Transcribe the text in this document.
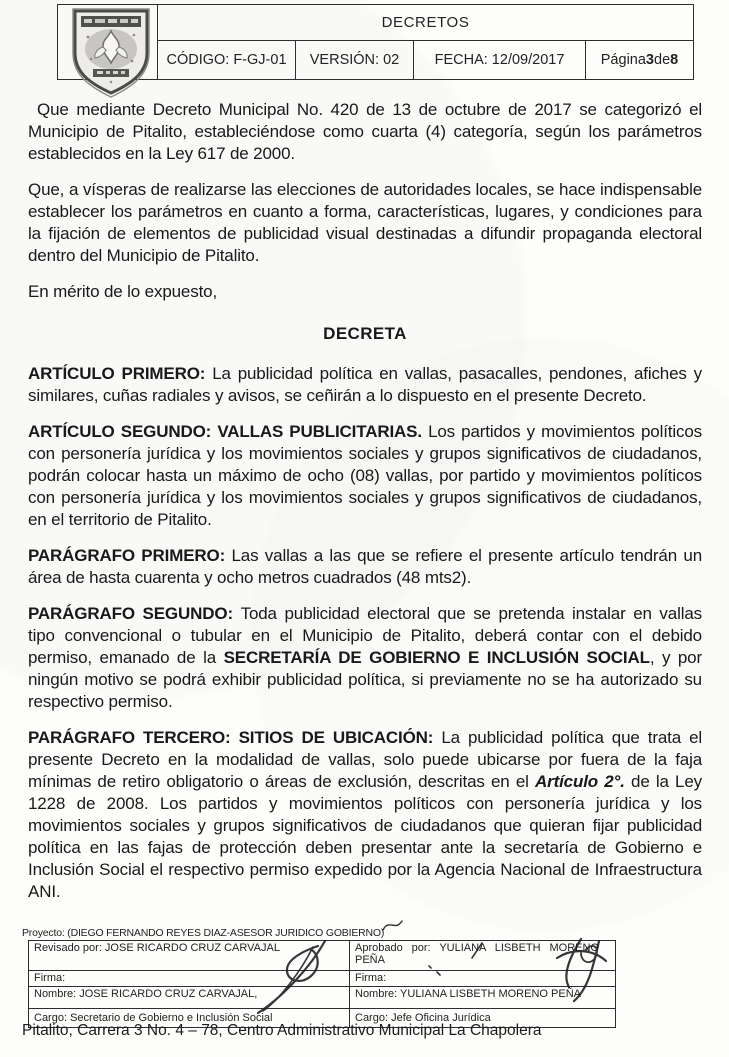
DECRETOS
CÓDIGO: F-GJ-01	VERSIÓN: 02	FECHA: 12/09/2017	Página 3 de 8

Que mediante Decreto Municipal No. 420 de 13 de octubre de 2017 se categorizó el Municipio de Pitalito, estableciéndose como cuarta (4) categoría, según los parámetros establecidos en la Ley 617 de 2000.

Que, a vísperas de realizarse las elecciones de autoridades locales, se hace indispensable establecer los parámetros en cuanto a forma, características, lugares, y condiciones para la fijación de elementos de publicidad visual destinadas a difundir propaganda electoral dentro del Municipio de Pitalito.

En mérito de lo expuesto,

DECRETA

ARTÍCULO PRIMERO: La publicidad política en vallas, pasacalles, pendones, afiches y similares, cuñas radiales y avisos, se ceñirán a lo dispuesto en el presente Decreto.

ARTÍCULO SEGUNDO: VALLAS PUBLICITARIAS. Los partidos y movimientos políticos con personería jurídica y los movimientos sociales y grupos significativos de ciudadanos, podrán colocar hasta un máximo de ocho (08) vallas, por partido y movimientos políticos con personería jurídica y los movimientos sociales y grupos significativos de ciudadanos, en el territorio de Pitalito.

PARÁGRAFO PRIMERO: Las vallas a las que se refiere el presente artículo tendrán un área de hasta cuarenta y ocho metros cuadrados (48 mts2).

PARÁGRAFO SEGUNDO: Toda publicidad electoral que se pretenda instalar en vallas tipo convencional o tubular en el Municipio de Pitalito, deberá contar con el debido permiso, emanado de la SECRETARÍA DE GOBIERNO E INCLUSIÓN SOCIAL, y por ningún motivo se podrá exhibir publicidad política, si previamente no se ha autorizado su respectivo permiso.

PARÁGRAFO TERCERO: SITIOS DE UBICACIÓN: La publicidad política que trata el presente Decreto en la modalidad de vallas, solo puede ubicarse por fuera de la faja mínimas de retiro obligatorio o áreas de exclusión, descritas en el Artículo 2°. de la Ley 1228 de 2008. Los partidos y movimientos políticos con personería jurídica y los movimientos sociales y grupos significativos de ciudadanos que quieran fijar publicidad política en las fajas de protección deben presentar ante la secretaría de Gobierno e Inclusión Social el respectivo permiso expedido por la Agencia Nacional de Infraestructura ANI.

Proyecto: (DIEGO FERNANDO REYES DIAZ-ASESOR JURIDICO GOBIERNO)
Revisado por: JOSE RICARDO CRUZ CARVAJAL	Aprobado por: YULIANA LISBETH MORENO PEÑA
Firma:	Firma:
Nombre: JOSE RICARDO CRUZ CARVAJAL,	Nombre: YULIANA LISBETH MORENO PEÑA
Cargo: Secretario de Gobierno e Inclusión Social	Cargo: Jefe Oficina Jurídica
Pitalito, Carrera 3 No. 4 – 78, Centro Administrativo Municipal La Chapolera
